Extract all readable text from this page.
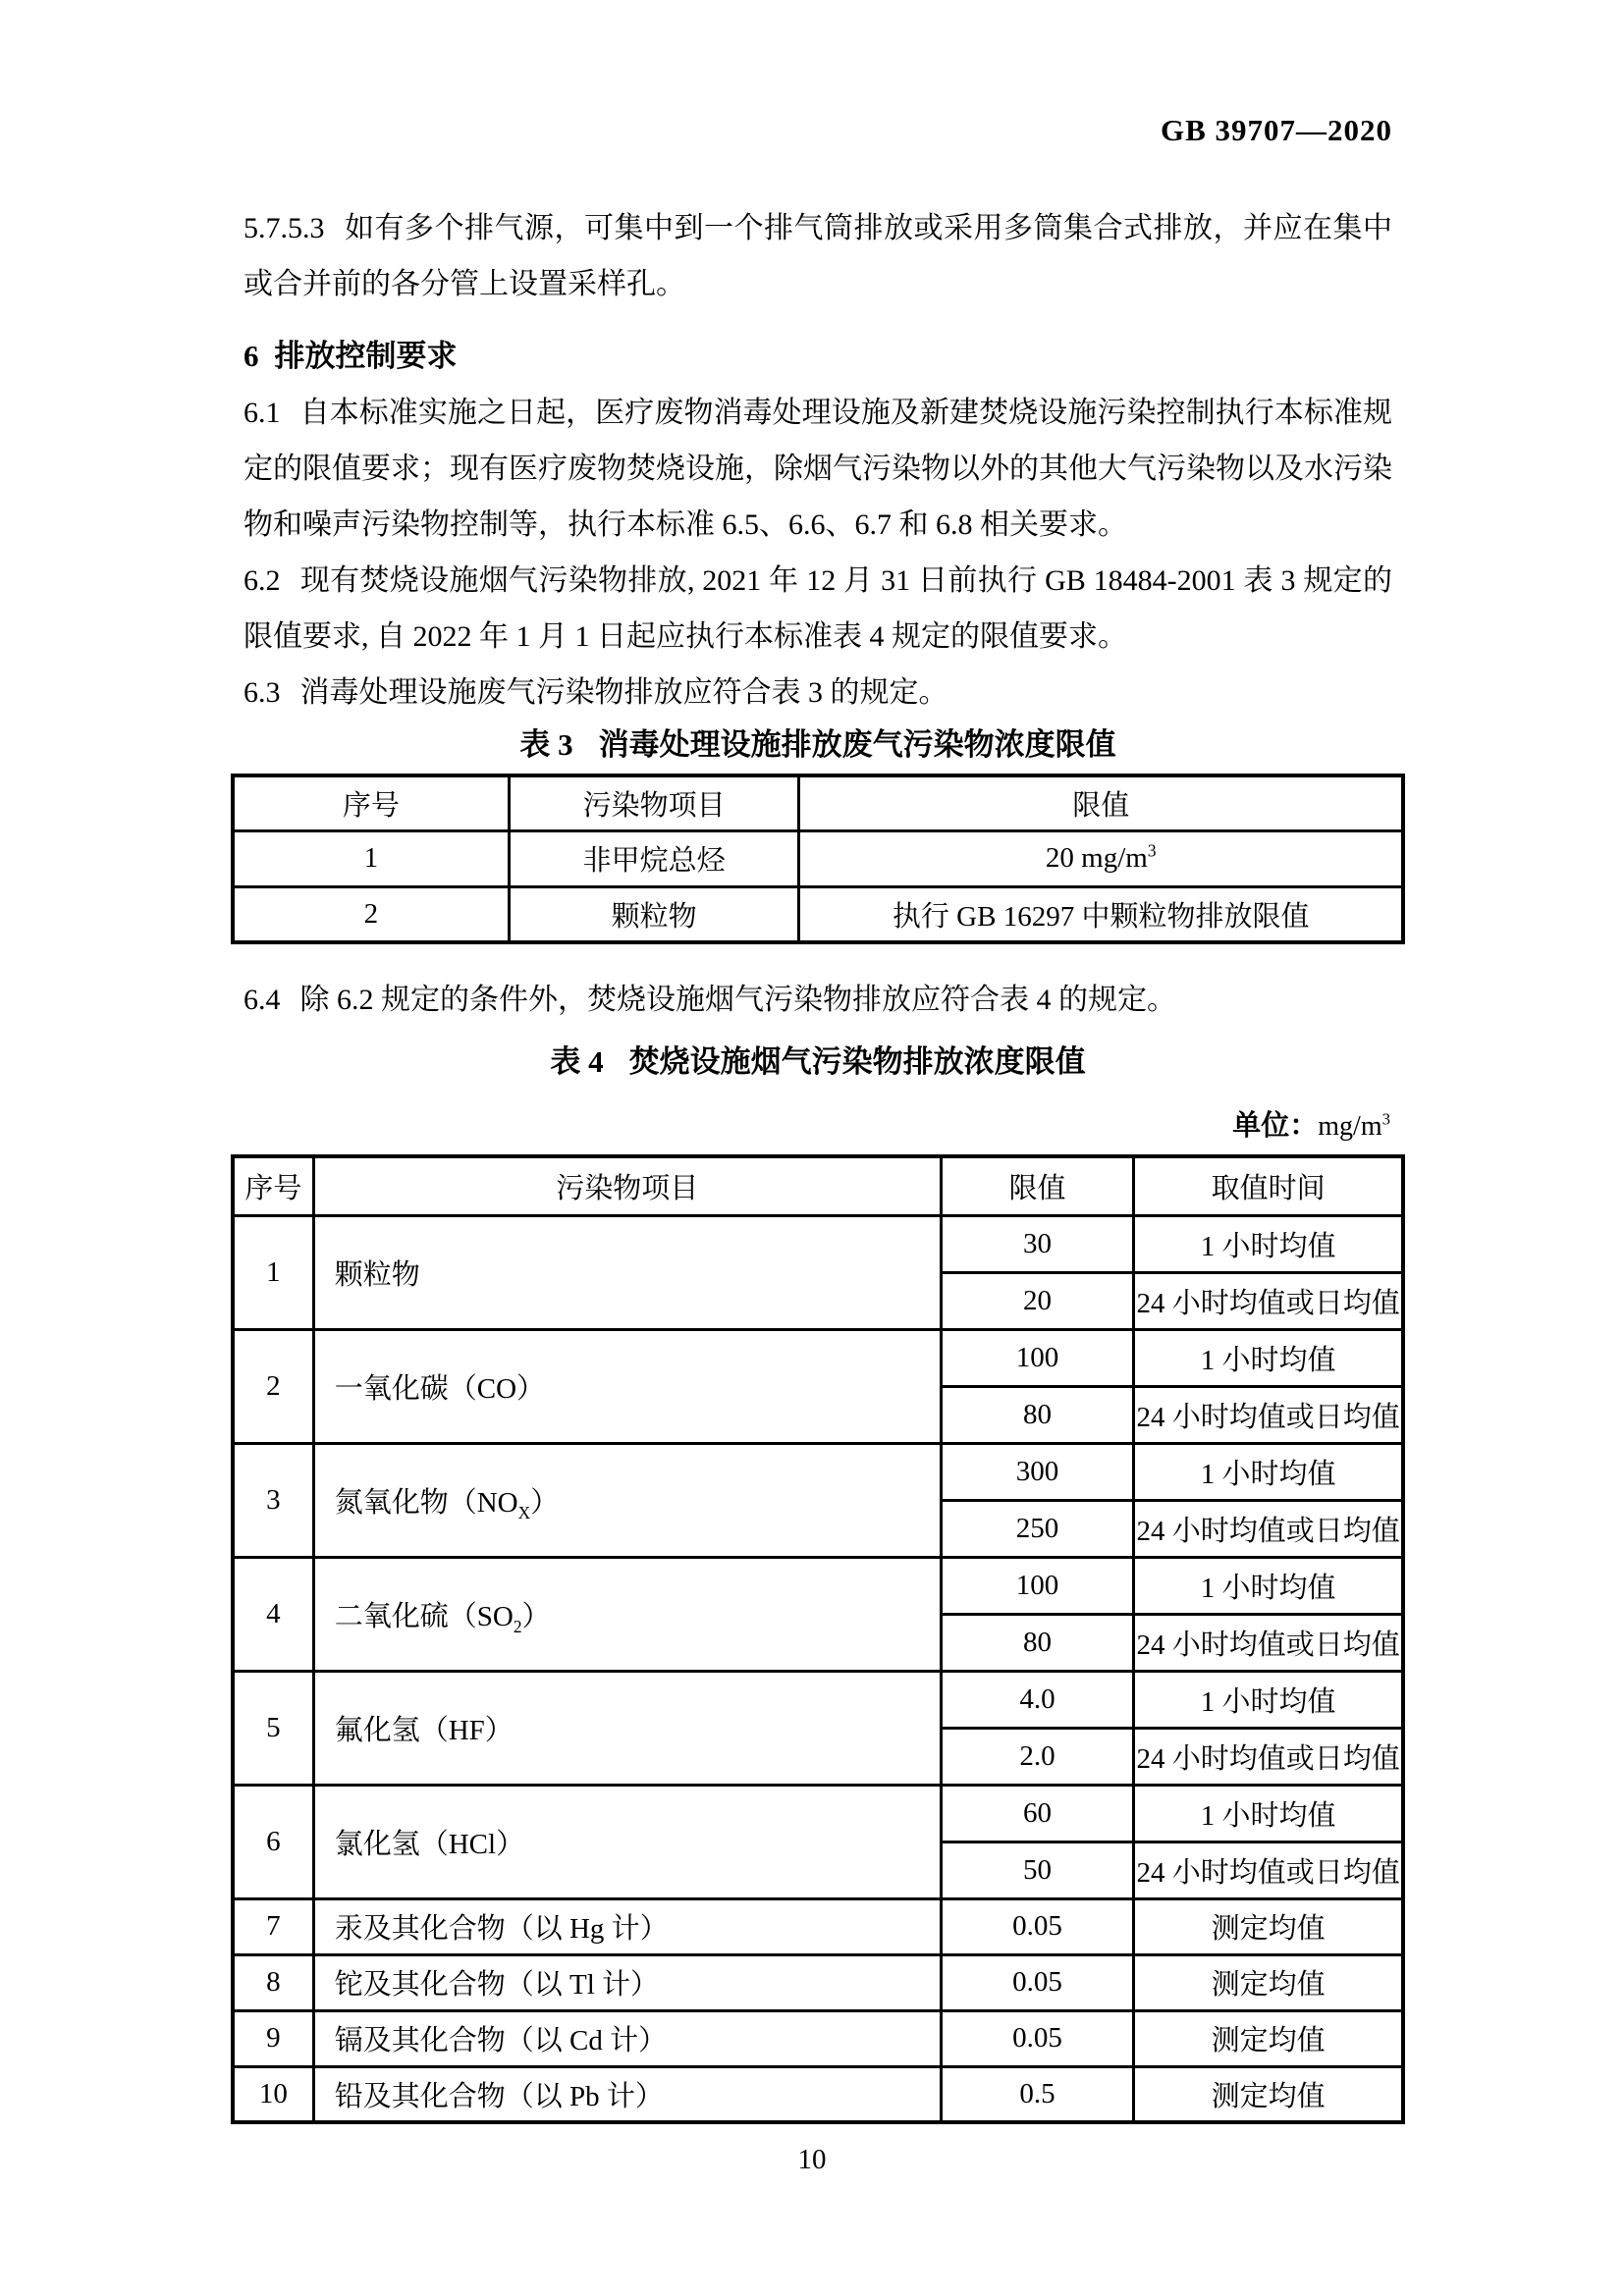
GB 39707—2020

5.7.5.3 如有多个排气源，可集中到一个排气筒排放或采用多筒集合式排放，并应在集中或合并前的各分管上设置采样孔。

6 排放控制要求

6.1 自本标准实施之日起，医疗废物消毒处理设施及新建焚烧设施污染控制执行本标准规定的限值要求；现有医疗废物焚烧设施，除烟气污染物以外的其他大气污染物以及水污染物和噪声污染物控制等，执行本标准 6.5、6.6、6.7 和 6.8 相关要求。

6.2 现有焚烧设施烟气污染物排放, 2021 年 12 月 31 日前执行 GB 18484-2001 表 3 规定的限值要求, 自 2022 年 1 月 1 日起应执行本标准表 4 规定的限值要求。

6.3 消毒处理设施废气污染物排放应符合表 3 的规定。

表 3 消毒处理设施排放废气污染物浓度限值
序号	污染物项目	限值
1	非甲烷总烃	20 $mg/m^3$
2	颗粒物	执行 GB 16297 中颗粒物排放限值

6.4 除 6.2 规定的条件外，焚烧设施烟气污染物排放应符合表 4 的规定。

表 4 焚烧设施烟气污染物排放浓度限值
单位：$mg/m^3$
序号	污染物项目	限值	取值时间
1	颗粒物	30	1 小时均值
		20	24 小时均值或日均值
2	一氧化碳（CO）	100	1 小时均值
		80	24 小时均值或日均值
3	氮氧化物$(NO_X)$	300	1 小时均值
		250	24 小时均值或日均值
4	二氧化硫$(SO_2)$	100	1 小时均值
		80	24 小时均值或日均值
5	氟化氢（HF）	4.0	1 小时均值
		2.0	24 小时均值或日均值
6	氯化氢（HCl）	60	1 小时均值
		50	24 小时均值或日均值
7	汞及其化合物（以 Hg 计）	0.05	测定均值
8	铊及其化合物（以 Tl 计）	0.05	测定均值
9	镉及其化合物（以 Cd 计）	0.05	测定均值
10	铅及其化合物（以 Pb 计）	0.5	测定均值
10
